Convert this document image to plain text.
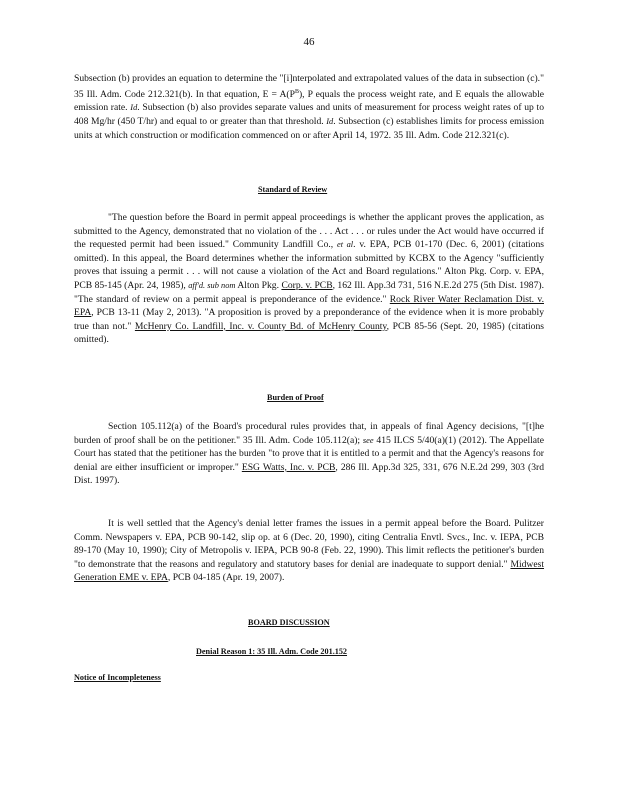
46

Subsection (b) provides an equation to determine the "[i]nterpolated and extrapolated values of the data in subsection (c)." 35 Ill. Adm. Code 212.321(b). In that equation, $E = A(P^B)$, P equals the process weight rate, and E equals the allowable emission rate. Id. Subsection (b) also provides separate values and units of measurement for process weight rates of up to 408 Mg/hr (450 T/hr) and equal to or greater than that threshold. Id. Subsection (c) establishes limits for process emission units at which construction or modification commenced on or after April 14, 1972. 35 Ill. Adm. Code 212.321(c).

Standard of Review

"The question before the Board in permit appeal proceedings is whether the applicant proves the application, as submitted to the Agency, demonstrated that no violation of the . . . Act . . . or rules under the Act would have occurred if the requested permit had been issued." Community Landfill Co., et al. v. EPA, PCB 01-170 (Dec. 6, 2001) (citations omitted). In this appeal, the Board determines whether the information submitted by KCBX to the Agency "sufficiently proves that issuing a permit . . . will not cause a violation of the Act and Board regulations." Alton Pkg. Corp. v. EPA, PCB 85-145 (Apr. 24, 1985), aff'd. sub nom Alton Pkg. Corp. v. PCB, 162 Ill. App.3d 731, 516 N.E.2d 275 (5th Dist. 1987). "The standard of review on a permit appeal is preponderance of the evidence." Rock River Water Reclamation Dist. v. EPA, PCB 13-11 (May 2, 2013). "A proposition is proved by a preponderance of the evidence when it is more probably true than not." McHenry Co. Landfill, Inc. v. County Bd. of McHenry County, PCB 85-56 (Sept. 20, 1985) (citations omitted).

Burden of Proof

Section 105.112(a) of the Board's procedural rules provides that, in appeals of final Agency decisions, "[t]he burden of proof shall be on the petitioner." 35 Ill. Adm. Code 105.112(a); see 415 ILCS 5/40(a)(1) (2012). The Appellate Court has stated that the petitioner has the burden "to prove that it is entitled to a permit and that the Agency's reasons for denial are either insufficient or improper." ESG Watts, Inc. v. PCB, 286 Ill. App.3d 325, 331, 676 N.E.2d 299, 303 (3rd Dist. 1997).

It is well settled that the Agency's denial letter frames the issues in a permit appeal before the Board. Pulitzer Comm. Newspapers v. EPA, PCB 90-142, slip op. at 6 (Dec. 20, 1990), citing Centralia Envtl. Svcs., Inc. v. IEPA, PCB 89-170 (May 10, 1990); City of Metropolis v. IEPA, PCB 90-8 (Feb. 22, 1990). This limit reflects the petitioner's burden "to demonstrate that the reasons and regulatory and statutory bases for denial are inadequate to support denial." Midwest Generation EME v. EPA, PCB 04-185 (Apr. 19, 2007).

BOARD DISCUSSION
Denial Reason 1: 35 Ill. Adm. Code 201.152
Notice of Incompleteness
